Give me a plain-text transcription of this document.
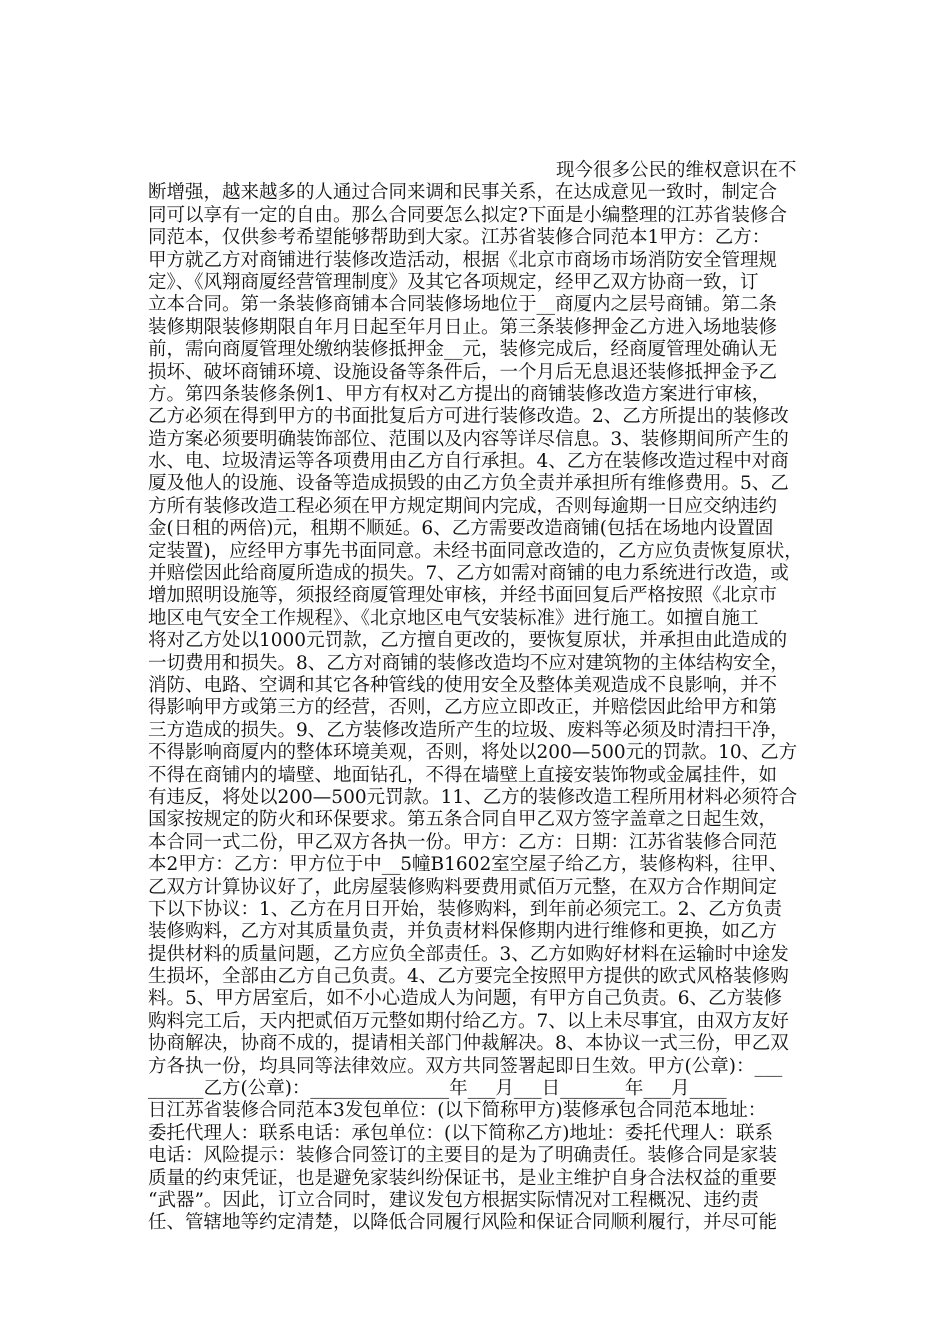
现今很多公民的维权意识在不
断增强，越来越多的人通过合同来调和民事关系，在达成意见一致时，制定合
同可以享有一定的自由。那么合同要怎么拟定?下面是小编整理的江苏省装修合
同范本，仅供参考希望能够帮助到大家。江苏省装修合同范本1甲方：乙方：
甲方就乙方对商铺进行装修改造活动，根据《北京市商场市场消防安全管理规
定》、《风翔商厦经营管理制度》及其它各项规定，经甲乙双方协商一致，订
立本合同。第一条装修商铺本合同装修场地位于__商厦内之层号商铺。第二条
装修期限装修期限自年月日起至年月日止。第三条装修押金乙方进入场地装修
前，需向商厦管理处缴纳装修抵押金__元，装修完成后，经商厦管理处确认无
损坏、破坏商铺环境、设施设备等条件后，一个月后无息退还装修抵押金予乙
方。第四条装修条例1、甲方有权对乙方提出的商铺装修改造方案进行审核，
乙方必须在得到甲方的书面批复后方可进行装修改造。2、乙方所提出的装修改
造方案必须要明确装饰部位、范围以及内容等详尽信息。3、装修期间所产生的
水、电、垃圾清运等各项费用由乙方自行承担。4、乙方在装修改造过程中对商
厦及他人的设施、设备等造成损毁的由乙方负全责并承担所有维修费用。5、乙
方所有装修改造工程必须在甲方规定期间内完成，否则每逾期一日应交纳违约
金(日租的两倍)元，租期不顺延。6、乙方需要改造商铺(包括在场地内设置固
定装置)，应经甲方事先书面同意。未经书面同意改造的，乙方应负责恢复原状，
并赔偿因此给商厦所造成的损失。7、乙方如需对商铺的电力系统进行改造，或
增加照明设施等，须报经商厦管理处审核，并经书面回复后严格按照《北京市
地区电气安全工作规程》、《北京地区电气安装标准》进行施工。如擅自施工
将对乙方处以1000元罚款，乙方擅自更改的，要恢复原状，并承担由此造成的
一切费用和损失。8、乙方对商铺的装修改造均不应对建筑物的主体结构安全，
消防、电路、空调和其它各种管线的使用安全及整体美观造成不良影响，并不
得影响甲方或第三方的经营，否则，乙方应立即改正，并赔偿因此给甲方和第
三方造成的损失。9、乙方装修改造所产生的垃圾、废料等必须及时清扫干净，
不得影响商厦内的整体环境美观，否则，将处以200—500元的罚款。10、乙方
不得在商铺内的墙壁、地面钻孔，不得在墙壁上直接安装饰物或金属挂件，如
有违反，将处以200—500元罚款。11、乙方的装修改造工程所用材料必须符合
国家按规定的防火和环保要求。第五条合同自甲乙双方签字盖章之日起生效，
本合同一式二份，甲乙双方各执一份。甲方：乙方：日期：江苏省装修合同范
本2甲方：乙方：甲方位于中__5幢B1602室空屋子给乙方，装修构料，往甲、
乙双方计算协议好了，此房屋装修购料要费用贰佰万元整，在双方合作期间定
下以下协议：1、乙方在月日开始，装修购料，到年前必须完工。2、乙方负责
装修购料，乙方对其质量负责，并负责材料保修期内进行维修和更换，如乙方
提供材料的质量问题，乙方应负全部责任。3、乙方如购好材料在运输时中途发
生损坏，全部由乙方自己负责。4、乙方要完全按照甲方提供的欧式风格装修购
料。5、甲方居室后，如不小心造成人为问题，有甲方自己负责。6、乙方装修
购料完工后，天内把贰佰万元整如期付给乙方。7、以上未尽事宜，由双方友好
协商解决，协商不成的，提请相关部门仲裁解决。8、本协议一式三份，甲乙双
方各执一份，均具同等法律效应。双方共同签署起即日生效。甲方(公章)：___
______乙方(公章)：_______________年___月___日_______年___月____
日江苏省装修合同范本3发包单位：(以下简称甲方)装修承包合同范本地址：
委托代理人：联系电话：承包单位：(以下简称乙方)地址：委托代理人：联系
电话：风险提示：装修合同签订的主要目的是为了明确责任。装修合同是家装
质量的约束凭证，也是避免家装纠纷保证书，是业主维护自身合法权益的重要
“武器”。因此，订立合同时，建议发包方根据实际情况对工程概况、违约责
任、管辖地等约定清楚，以降低合同履行风险和保证合同顺利履行，并尽可能
